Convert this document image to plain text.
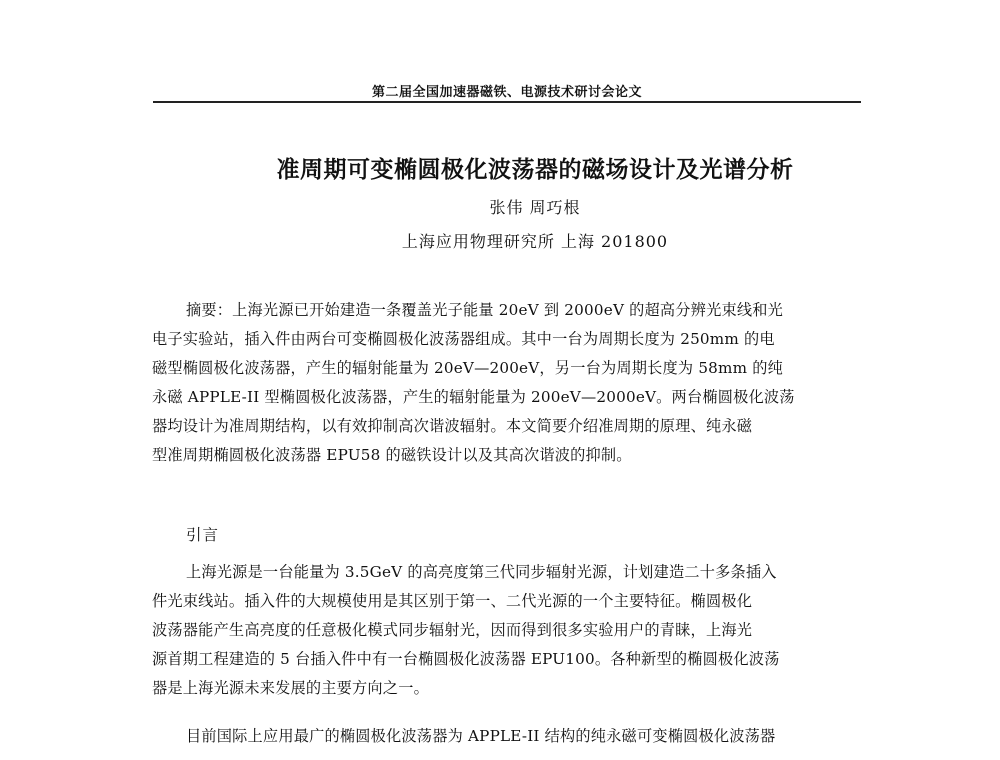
第二届全国加速器磁铁、电源技术研讨会论文
准周期可变椭圆极化波荡器的磁场设计及光谱分析
张伟 周巧根
上海应用物理研究所 上海 201800
摘要：上海光源已开始建造一条覆盖光子能量 20eV 到 2000eV 的超高分辨光束线和光
电子实验站，插入件由两台可变椭圆极化波荡器组成。其中一台为周期长度为 250mm 的电
磁型椭圆极化波荡器，产生的辐射能量为 20eV—200eV，另一台为周期长度为 58mm 的纯
永磁 APPLE-II 型椭圆极化波荡器，产生的辐射能量为 200eV—2000eV。两台椭圆极化波荡
器均设计为准周期结构，以有效抑制高次谐波辐射。本文简要介绍准周期的原理、纯永磁
型准周期椭圆极化波荡器 EPU58 的磁铁设计以及其高次谐波的抑制。
引言
上海光源是一台能量为 3.5GeV 的高亮度第三代同步辐射光源，计划建造二十多条插入
件光束线站。插入件的大规模使用是其区别于第一、二代光源的一个主要特征。椭圆极化
波荡器能产生高亮度的任意极化模式同步辐射光，因而得到很多实验用户的青睐，上海光
源首期工程建造的 5 台插入件中有一台椭圆极化波荡器 EPU100。各种新型的椭圆极化波荡
器是上海光源未来发展的主要方向之一。
目前国际上应用最广的椭圆极化波荡器为 APPLE-II 结构的纯永磁可变椭圆极化波荡器
